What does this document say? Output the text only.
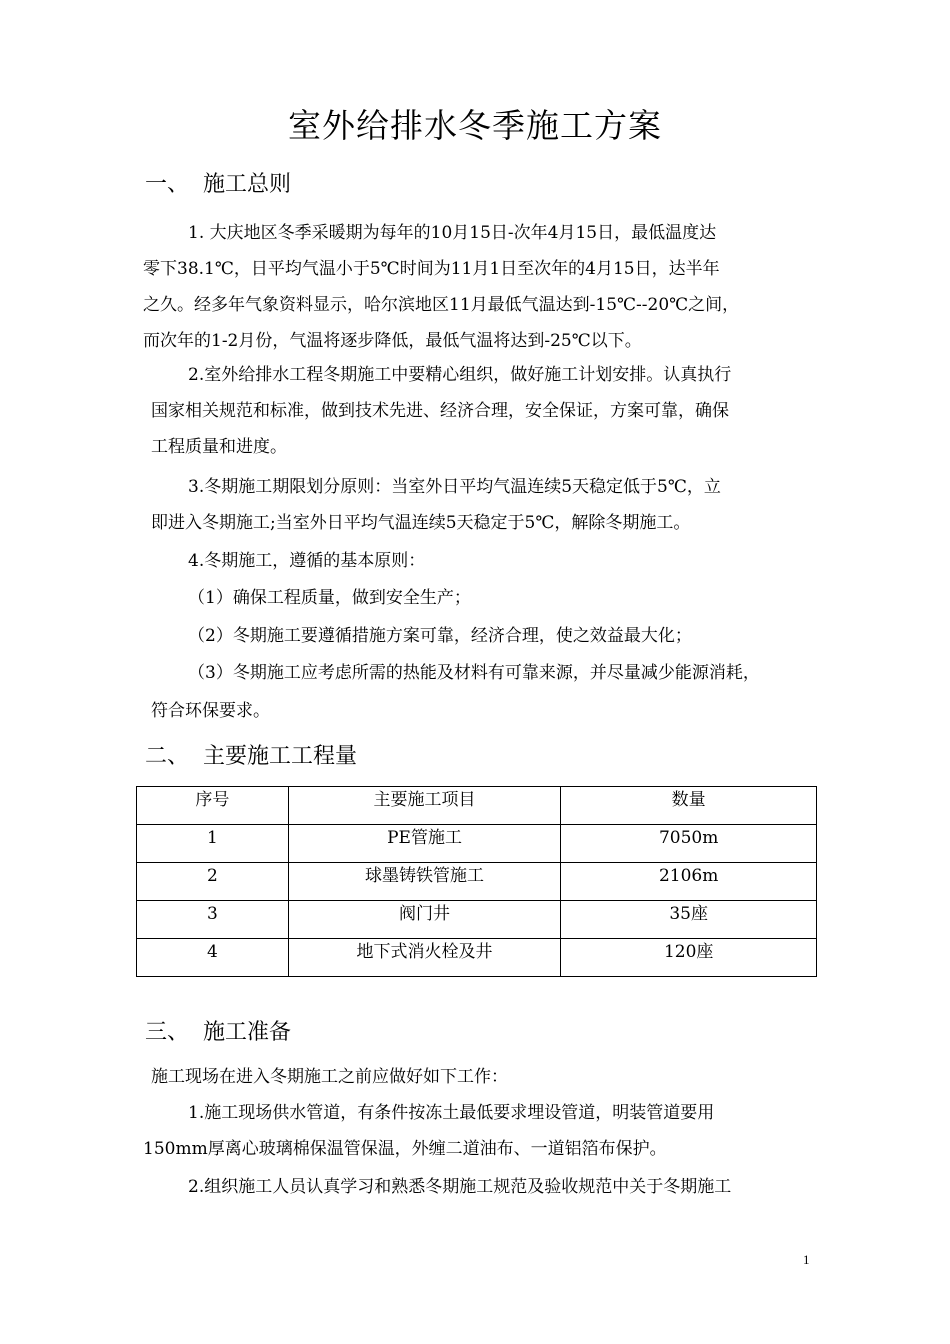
室外给排水冬季施工方案
一、 施工总则
1. 大庆地区冬季采暖期为每年的10月15日-次年4月15日，最低温度达
零下38.1℃，日平均气温小于5℃时间为11月1日至次年的4月15日，达半年
之久。经多年气象资料显示，哈尔滨地区11月最低气温达到-15℃--20℃之间，
而次年的1-2月份，气温将逐步降低，最低气温将达到-25℃以下。
2.室外给排水工程冬期施工中要精心组织，做好施工计划安排。认真执行
国家相关规范和标准，做到技术先进、经济合理，安全保证，方案可靠，确保
工程质量和进度。
3.冬期施工期限划分原则：当室外日平均气温连续5天稳定低于5℃，立
即进入冬期施工;当室外日平均气温连续5天稳定于5℃，解除冬期施工。
4.冬期施工，遵循的基本原则：
（1）确保工程质量，做到安全生产；
（2）冬期施工要遵循措施方案可靠，经济合理，使之效益最大化；
（3）冬期施工应考虑所需的热能及材料有可靠来源，并尽量减少能源消耗，
符合环保要求。
二、 主要施工工程量
序号	主要施工项目	数量
1	PE管施工	7050m
2	球墨铸铁管施工	2106m
3	阀门井	35座
4	地下式消火栓及井	120座
三、 施工准备
施工现场在进入冬期施工之前应做好如下工作：
1.施工现场供水管道，有条件按冻土最低要求埋设管道，明装管道要用
150mm厚离心玻璃棉保温管保温，外缠二道油布、一道铝箔布保护。
2.组织施工人员认真学习和熟悉冬期施工规范及验收规范中关于冬期施工
1
